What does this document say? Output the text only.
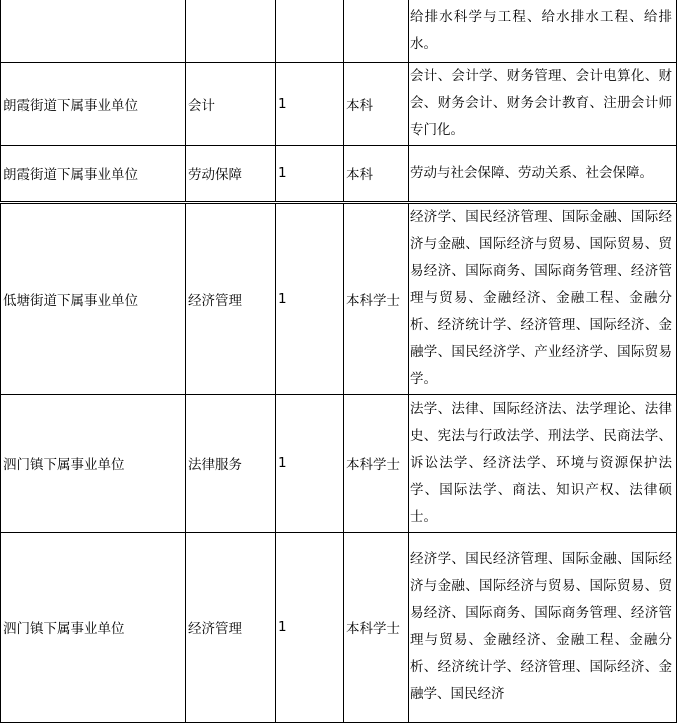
				给排水科学与工程、给水排水工程、给排水。
朗霞街道下属事业单位	会计	1	本科	会计、会计学、财务管理、会计电算化、财会、财务会计、财务会计教育、注册会计师专门化。
朗霞街道下属事业单位	劳动保障	1	本科	劳动与社会保障、劳动关系、社会保障。
低塘街道下属事业单位	经济管理	1	本科学士	经济学、国民经济管理、国际金融、国际经济与金融、国际经济与贸易、国际贸易、贸易经济、国际商务、国际商务管理、经济管理与贸易、金融经济、金融工程、金融分析、经济统计学、经济管理、国际经济、金融学、国民经济学、产业经济学、国际贸易学。
泗门镇下属事业单位	法律服务	1	本科学士	法学、法律、国际经济法、法学理论、法律史、宪法与行政法学、刑法学、民商法学、诉讼法学、经济法学、环境与资源保护法学、国际法学、商法、知识产权、法律硕士。
泗门镇下属事业单位	经济管理	1	本科学士	经济学、国民经济管理、国际金融、国际经济与金融、国际经济与贸易、国际贸易、贸易经济、国际商务、国际商务管理、经济管理与贸易、金融经济、金融工程、金融分析、经济统计学、经济管理、国际经济、金融学、国民经济
